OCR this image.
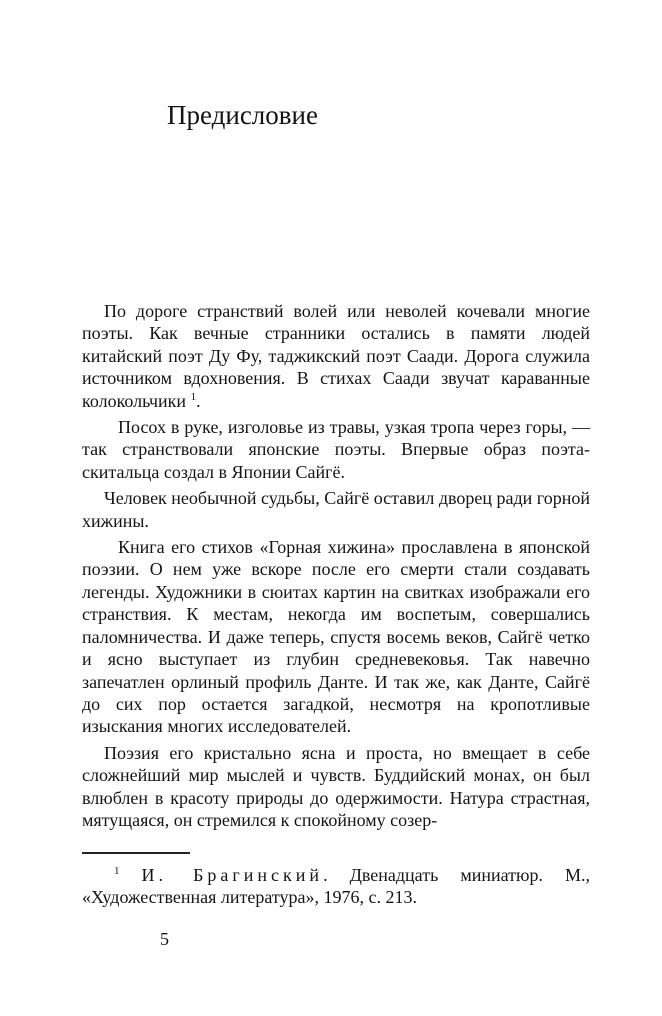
Предисловие

По дороге странствий волей или неволей кочевали многие поэты. Как вечные странники остались в памяти людей китайский поэт Ду Фу, таджикский поэт Саади. Дорога служила источником вдохновения. В стихах Саади звучат караванные колокольчики $^1$.

Посох в руке, изголовье из травы, узкая тропа через горы, — так странствовали японские поэты. Впервые образ поэта-скитальца создал в Японии Сайгё.

Человек необычной судьбы, Сайгё оставил дворец ради горной хижины.

Книга его стихов «Горная хижина» прославлена в японской поэзии. О нем уже вскоре после его смерти стали создавать легенды. Художники в сюитах картин на свитках изображали его странствия. К местам, некогда им воспетым, совершались паломничества. И даже теперь, спустя восемь веков, Сайгё четко и ясно выступает из глубин средневековья. Так навечно запечатлен орлиный профиль Данте. И так же, как Данте, Сайгё до сих пор остается загадкой, несмотря на кропотливые изыскания многих исследователей.

Поэзия его кристально ясна и проста, но вмещает в себе сложнейший мир мыслей и чувств. Буддийский монах, он был влюблен в красоту природы до одержимости. Натура страстная, мятущаяся, он стремился к спокойному созер-

$^1$ И. Брагинский. Двенадцать миниатюр. М., «Художественная литература», 1976, с. 213.

5
